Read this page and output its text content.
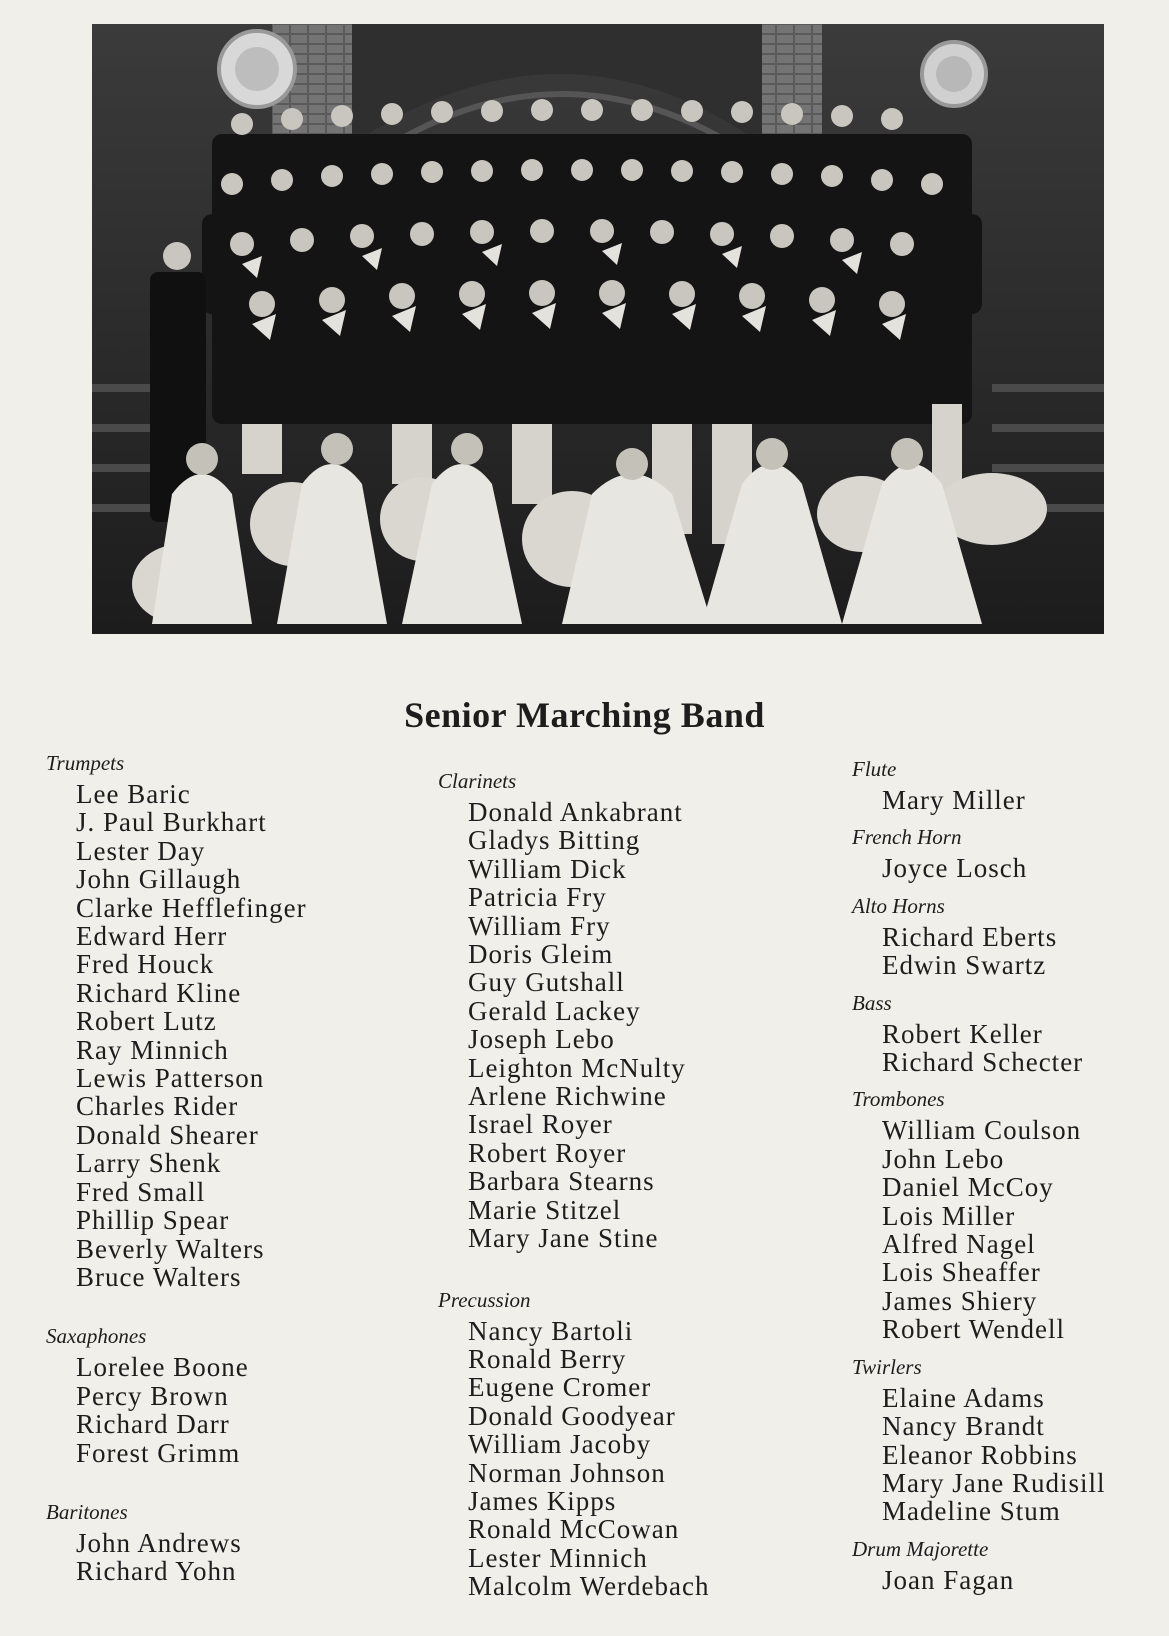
Senior Marching Band
Trumpets
Lee Baric
J. Paul Burkhart
Lester Day
John Gillaugh
Clarke Hefflefinger
Edward Herr
Fred Houck
Richard Kline
Robert Lutz
Ray Minnich
Lewis Patterson
Charles Rider
Donald Shearer
Larry Shenk
Fred Small
Phillip Spear
Beverly Walters
Bruce Walters
Saxaphones
Lorelee Boone
Percy Brown
Richard Darr
Forest Grimm
Baritones
John Andrews
Richard Yohn
Clarinets
Donald Ankabrant
Gladys Bitting
William Dick
Patricia Fry
William Fry
Doris Gleim
Guy Gutshall
Gerald Lackey
Joseph Lebo
Leighton McNulty
Arlene Richwine
Israel Royer
Robert Royer
Barbara Stearns
Marie Stitzel
Mary Jane Stine
Precussion
Nancy Bartoli
Ronald Berry
Eugene Cromer
Donald Goodyear
William Jacoby
Norman Johnson
James Kipps
Ronald McCowan
Lester Minnich
Malcolm Werdebach
Flute
Mary Miller
French Horn
Joyce Losch
Alto Horns
Richard Eberts
Edwin Swartz
Bass
Robert Keller
Richard Schecter
Trombones
William Coulson
John Lebo
Daniel McCoy
Lois Miller
Alfred Nagel
Lois Sheaffer
James Shiery
Robert Wendell
Twirlers
Elaine Adams
Nancy Brandt
Eleanor Robbins
Mary Jane Rudisill
Madeline Stum
Drum Majorette
Joan Fagan
